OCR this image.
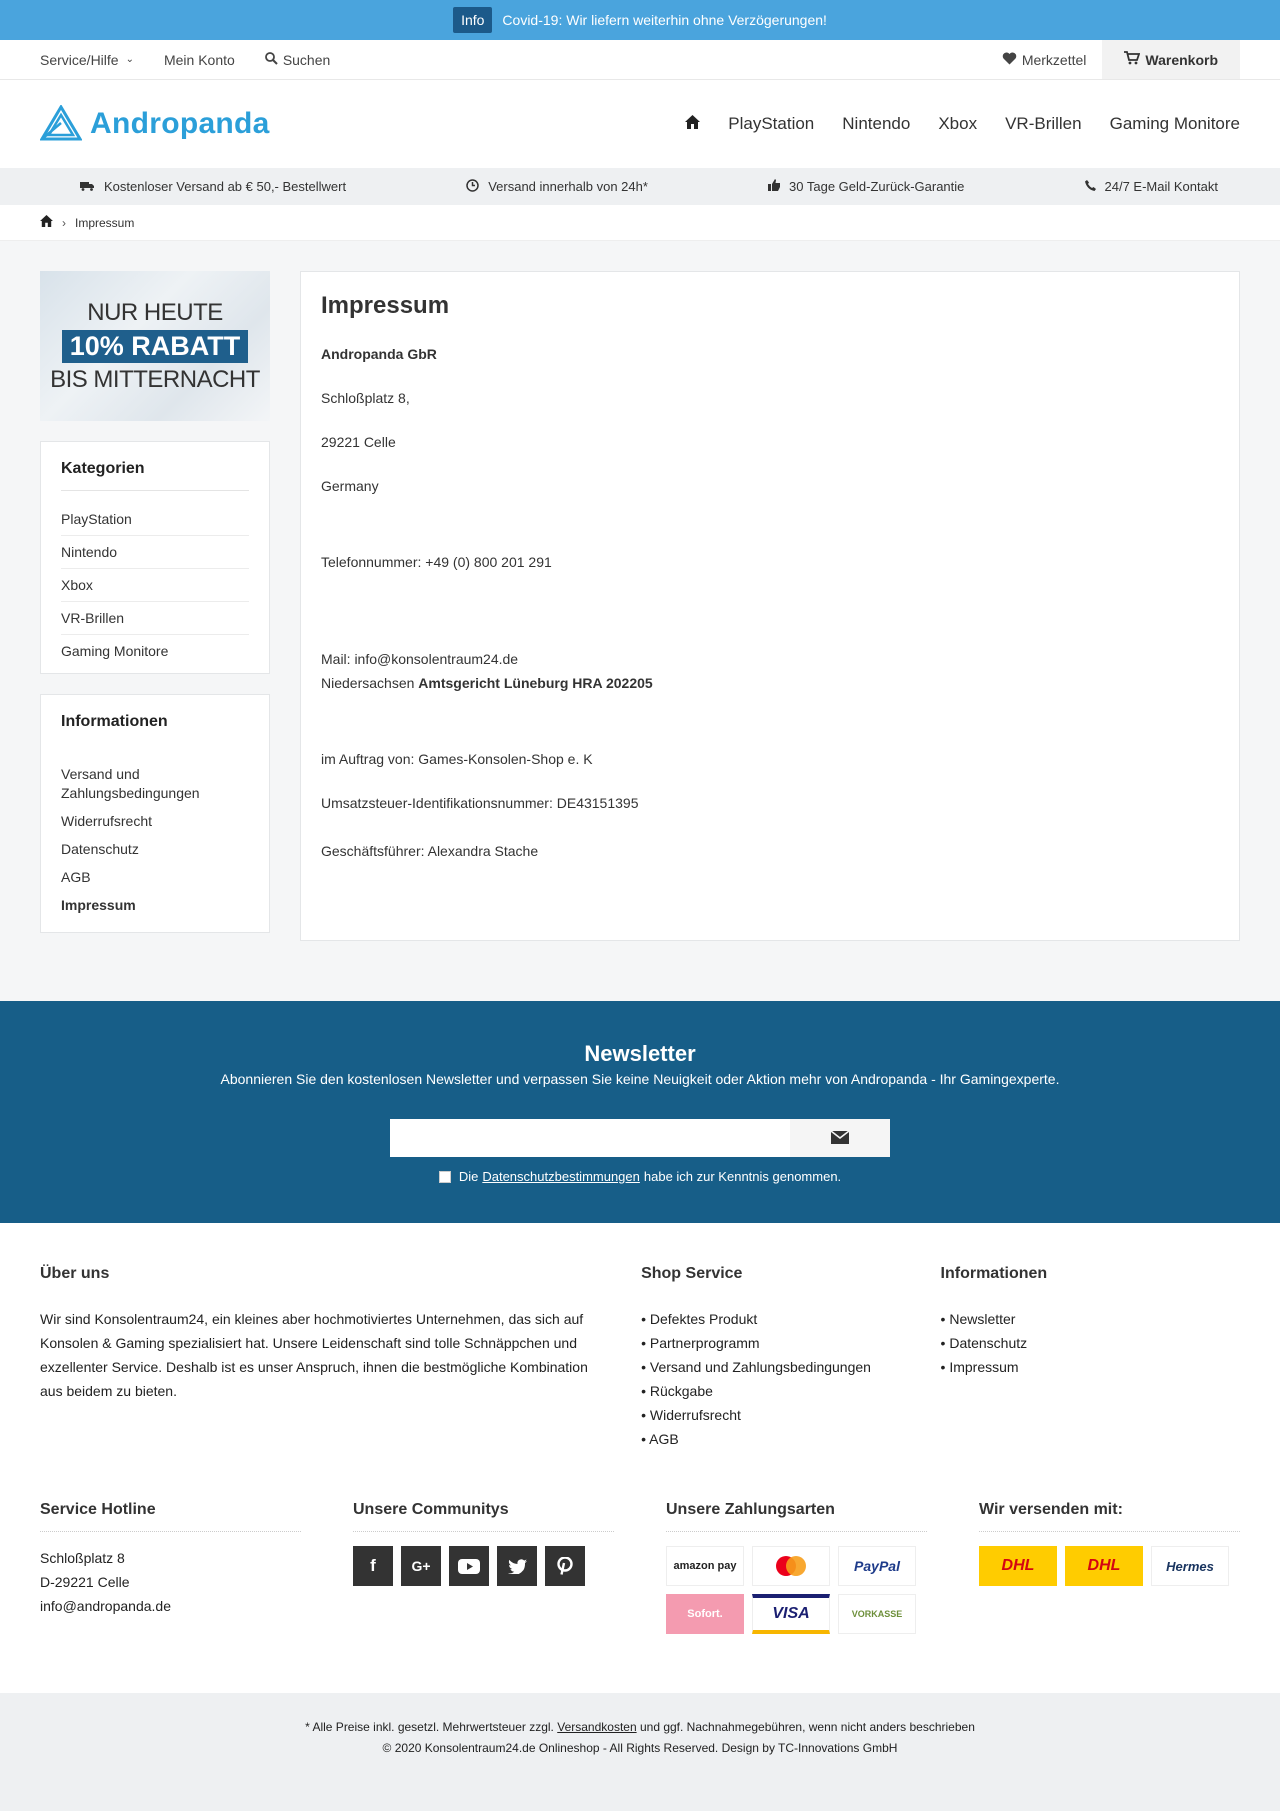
Info	Covid-19: Wir liefern weiterhin ohne Verzögerungen!
Service/Hilfe ⌄ Mein Konto	Suchen	Merkzettel	Warenkorb
Andropanda	PlayStation Nintendo Xbox VR-Brillen Gaming Monitore
Kostenloser Versand ab € 50,- Bestellwert	Versand innerhalb von 24h*	30 Tage Geld-Zurück-Garantie	24/7 E-Mail Kontakt
› Impressum
NUR HEUTE
10% RABATT
BIS MITTERNACHT
Kategorien
PlayStation
Nintendo
Xbox
VR-Brillen
Gaming Monitore
Informationen
Versand und Zahlungsbedingungen
Widerrufsrecht
Datenschutz
AGB
Impressum
Impressum

Andropanda GbR

Schloßplatz 8,

29221 Celle

Germany

Telefonnummer: +49 (0) 800 201 291

Mail: info@konsolentraum24.de

Niedersachsen Amtsgericht Lüneburg HRA 202205

im Auftrag von: Games-Konsolen-Shop e. K

Umsatzsteuer-Identifikationsnummer: DE43151395

Geschäftsführer: Alexandra Stache

Newsletter
Abonnieren Sie den kostenlosen Newsletter und verpassen Sie keine Neuigkeit oder Aktion mehr von Andropanda - Ihr Gamingexperte.
Die Datenschutzbestimmungen habe ich zur Kenntnis genommen.
Über uns

Wir sind Konsolentraum24, ein kleines aber hochmotiviertes Unternehmen, das sich auf Konsolen & Gaming spezialisiert hat. Unsere Leidenschaft sind tolle Schnäppchen und exzellenter Service. Deshalb ist es unser Anspruch, ihnen die bestmögliche Kombination aus beidem zu bieten.

Shop Service
• Defektes Produkt
• Partnerprogramm
• Versand und Zahlungsbedingungen
• Rückgabe
• Widerrufsrecht
• AGB
Informationen
• Newsletter
• Datenschutz
• Impressum
Service Hotline

Schloßplatz 8

D-29221 Celle

info@andropanda.de

Unsere Communitys
f	G+
Unsere Zahlungsarten
amazon pay	PayPal
Sofort.	VISA	VORKASSE
Wir versenden mit:
DHL	DHL	Hermes
* Alle Preise inkl. gesetzl. Mehrwertsteuer zzgl. Versandkosten und ggf. Nachnahmegebühren, wenn nicht anders beschrieben
© 2020 Konsolentraum24.de Onlineshop - All Rights Reserved. Design by TC-Innovations GmbH
